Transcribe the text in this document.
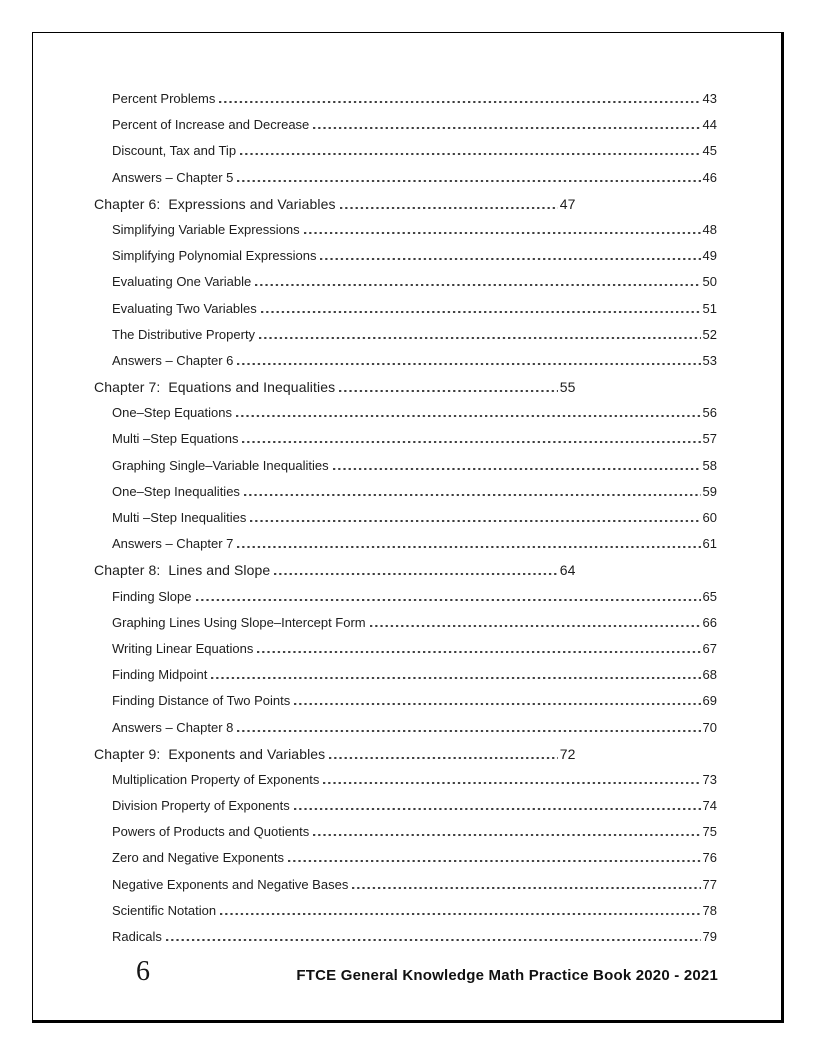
Percent Problems	43
Percent of Increase and Decrease	44
Discount, Tax and Tip	45
Answers – Chapter 5	46
Chapter 6:  Expressions and Variables	47
Simplifying Variable Expressions	48
Simplifying Polynomial Expressions	49
Evaluating One Variable	50
Evaluating Two Variables	51
The Distributive Property	52
Answers – Chapter 6	53
Chapter 7:  Equations and Inequalities	55
One–Step Equations	56
Multi –Step Equations	57
Graphing Single–Variable Inequalities	58
One–Step Inequalities	59
Multi –Step Inequalities	60
Answers – Chapter 7	61
Chapter 8:  Lines and Slope	64
Finding Slope	65
Graphing Lines Using Slope–Intercept Form	66
Writing Linear Equations	67
Finding Midpoint	68
Finding Distance of Two Points	69
Answers – Chapter 8	70
Chapter 9:  Exponents and Variables	72
Multiplication Property of Exponents	73
Division Property of Exponents	74
Powers of Products and Quotients	75
Zero and Negative Exponents	76
Negative Exponents and Negative Bases	77
Scientific Notation	78
Radicals	79
6	FTCE General Knowledge Math Practice Book 2020 - 2021
